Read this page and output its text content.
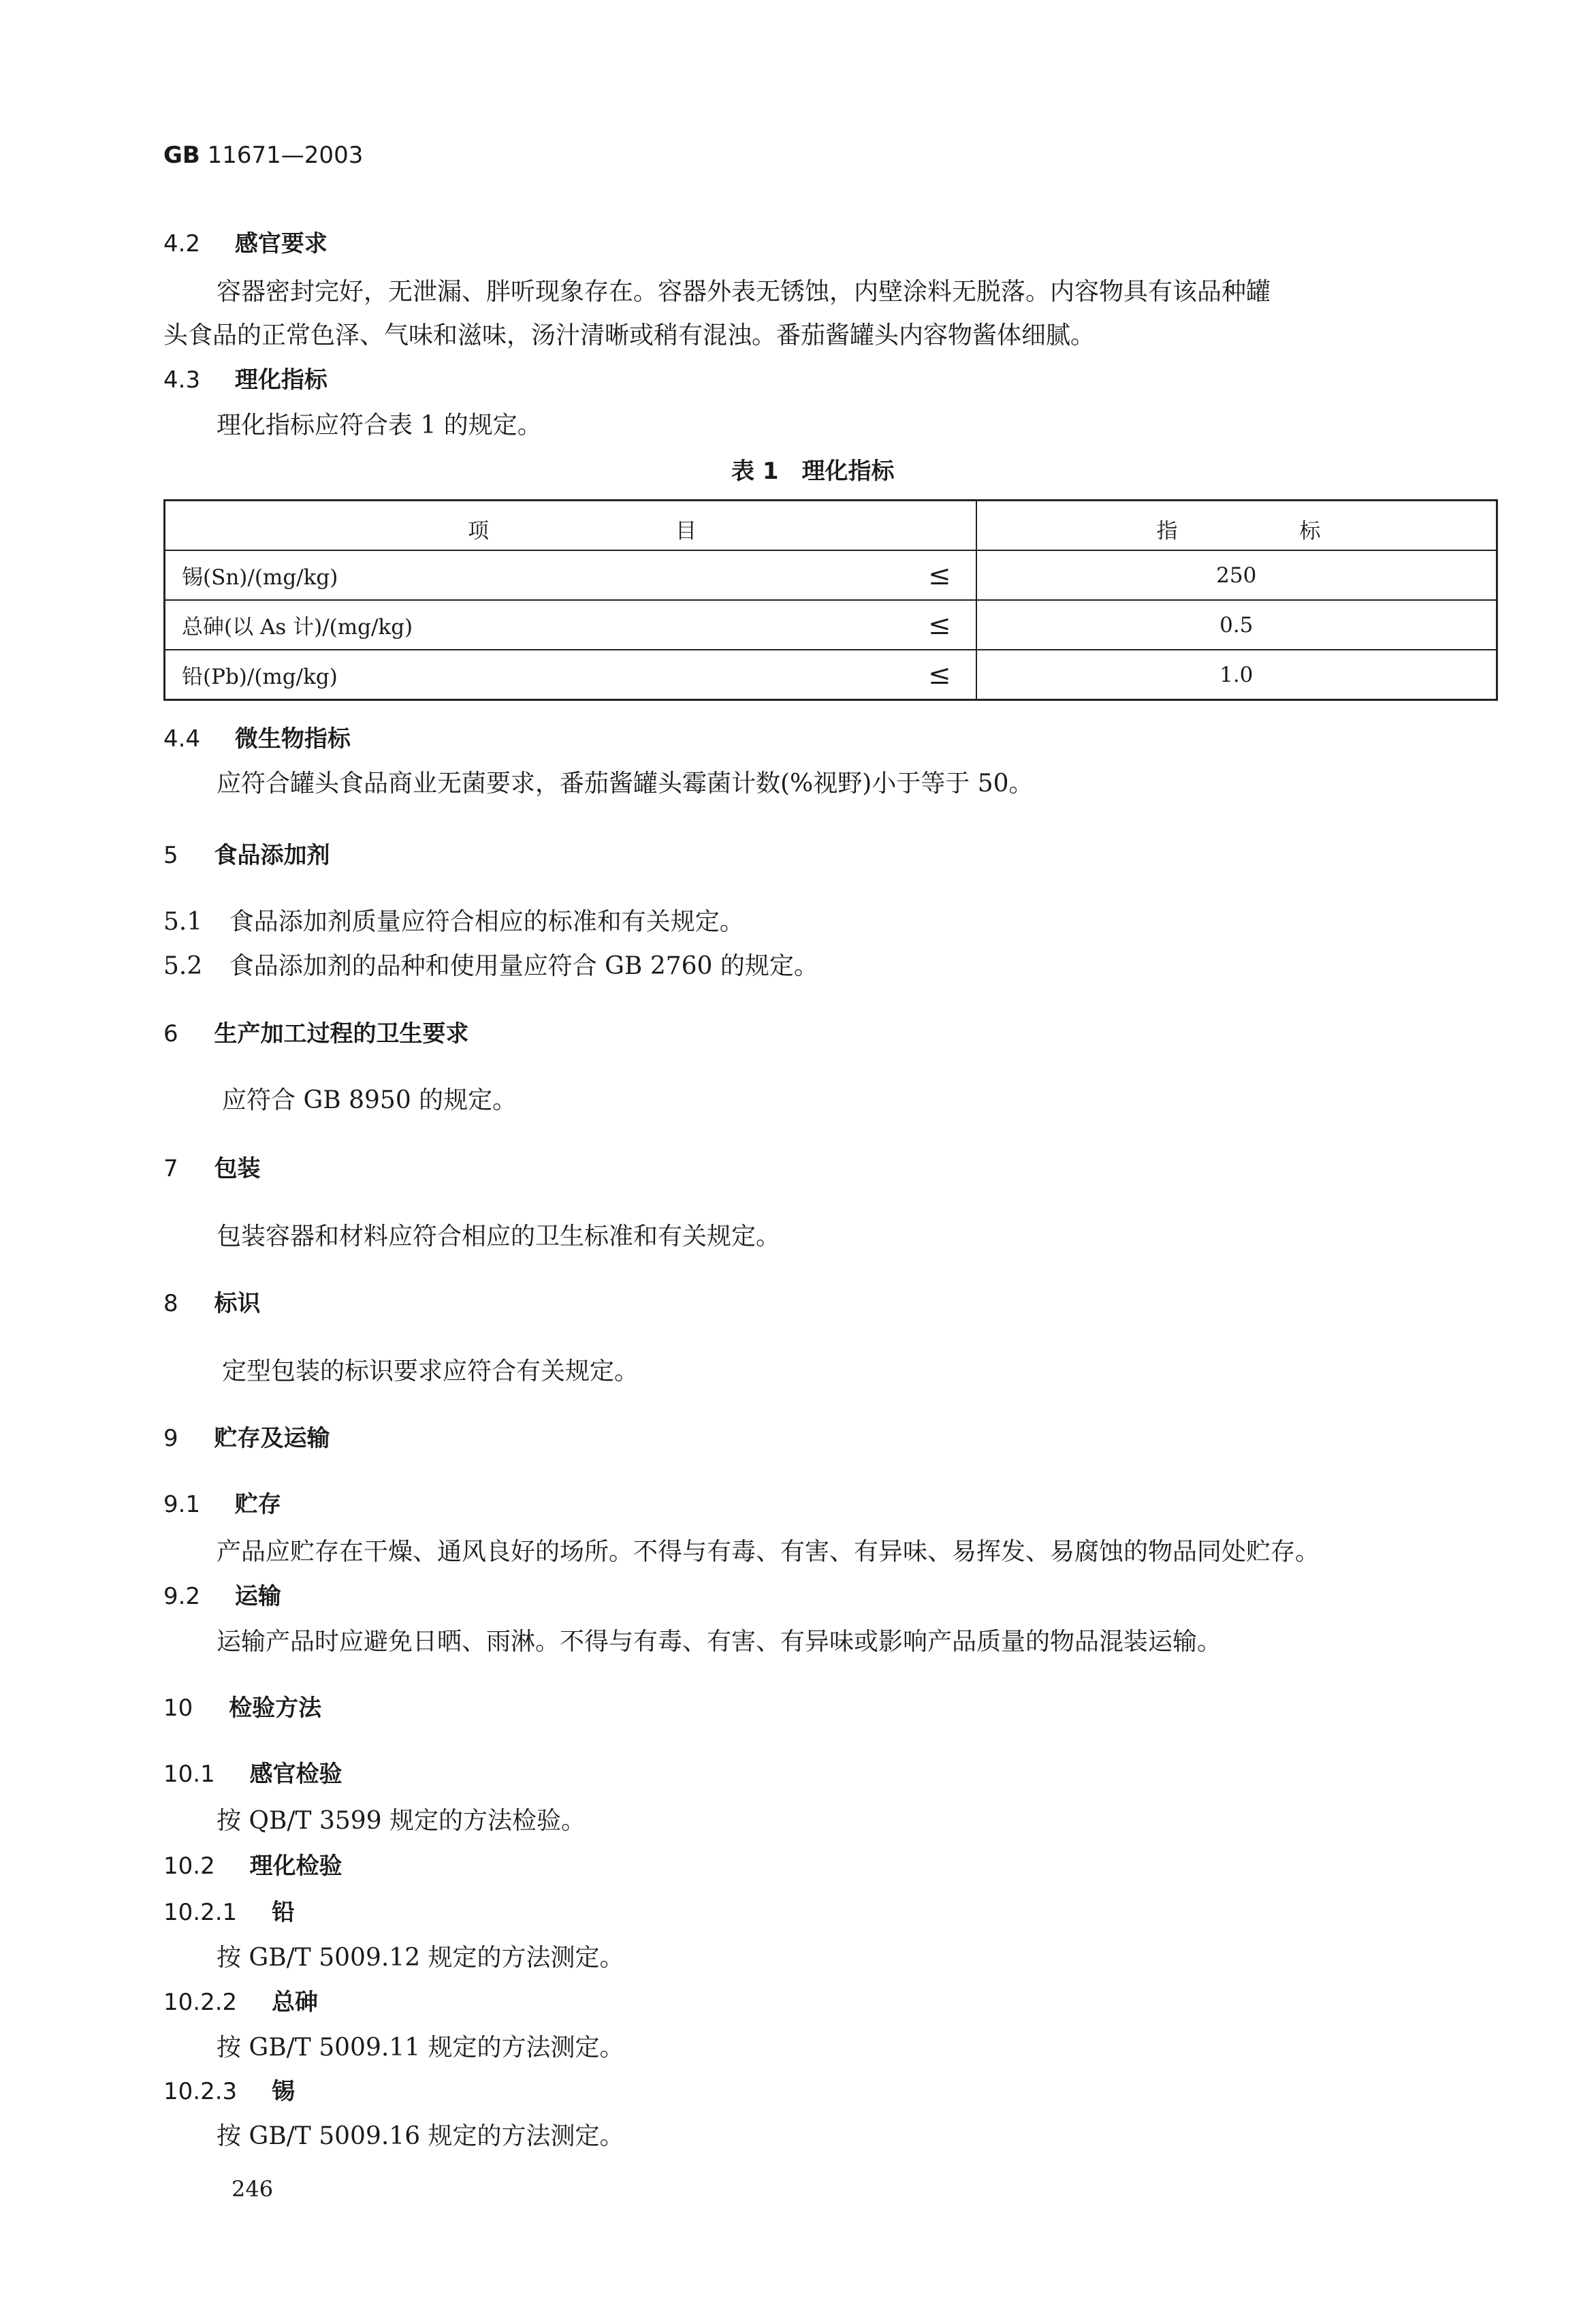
GB 11671—2003
4.2 感官要求
容器密封完好，无泄漏、胖听现象存在。容器外表无锈蚀，内壁涂料无脱落。内容物具有该品种罐
头食品的正常色泽、气味和滋味，汤汁清晰或稍有混浊。番茄酱罐头内容物酱体细腻。
4.3 理化指标
理化指标应符合表 1 的规定。
表 1　理化指标
项 目	指 标

锡(Sn)/(mg/kg) ≤	250

总砷(以 As 计)/(mg/kg) ≤	0.5

铅(Pb)/(mg/kg) ≤	1.0
4.4 微生物指标
应符合罐头食品商业无菌要求，番茄酱罐头霉菌计数(%视野)小于等于 50。
5 食品添加剂
5.1 食品添加剂质量应符合相应的标准和有关规定。
5.2 食品添加剂的品种和使用量应符合 GB 2760 的规定。
6 生产加工过程的卫生要求
应符合 GB 8950 的规定。
7 包装
包装容器和材料应符合相应的卫生标准和有关规定。
8 标识
定型包装的标识要求应符合有关规定。
9 贮存及运输
9.1 贮存
产品应贮存在干燥、通风良好的场所。不得与有毒、有害、有异味、易挥发、易腐蚀的物品同处贮存。
9.2 运输
运输产品时应避免日晒、雨淋。不得与有毒、有害、有异味或影响产品质量的物品混装运输。
10 检验方法
10.1 感官检验
按 QB/T 3599 规定的方法检验。
10.2 理化检验
10.2.1 铅
按 GB/T 5009.12 规定的方法测定。
10.2.2 总砷
按 GB/T 5009.11 规定的方法测定。
10.2.3 锡
按 GB/T 5009.16 规定的方法测定。
246
